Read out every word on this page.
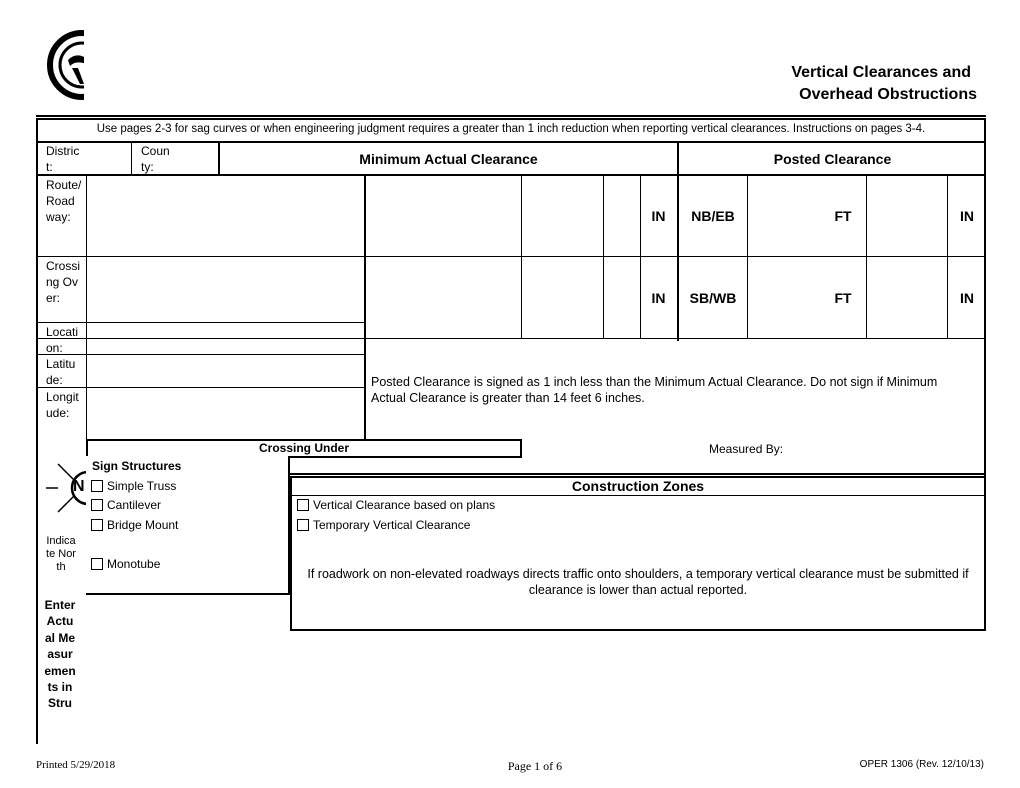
Vertical Clearances and
Overhead Obstructions
Use pages 2-3 for sag curves or when engineering judgment requires a greater than 1 inch reduction when reporting vertical clearances. Instructions on pages 3-4.
District:
County:	Minimum Actual Clearance	Posted Clearance
Route/Roadway:
Crossing Over:
Location:
Latitude:
Longitude:
IN	NB/EB	FT	IN
IN	SB/WB	FT	IN
Posted Clearance is signed as 1 inch less than the Minimum Actual Clearance. Do not sign if Minimum Actual Clearance is greater than 14 feet 6 inches.
Crossing Under	Measured By:
N
Indicate North
Sign Structures
Simple Truss
Cantilever
Bridge Mount
Monotube
Construction Zones
Vertical Clearance based on plans
Temporary Vertical Clearance
If roadwork on non-elevated roadways directs traffic onto shoulders, a temporary vertical clearance must be submitted if clearance is lower than actual reported.
Enter Actual Measurements in Stru
Printed 5/29/2018	Page 1 of 6	OPER 1306 (Rev. 12/10/13)
